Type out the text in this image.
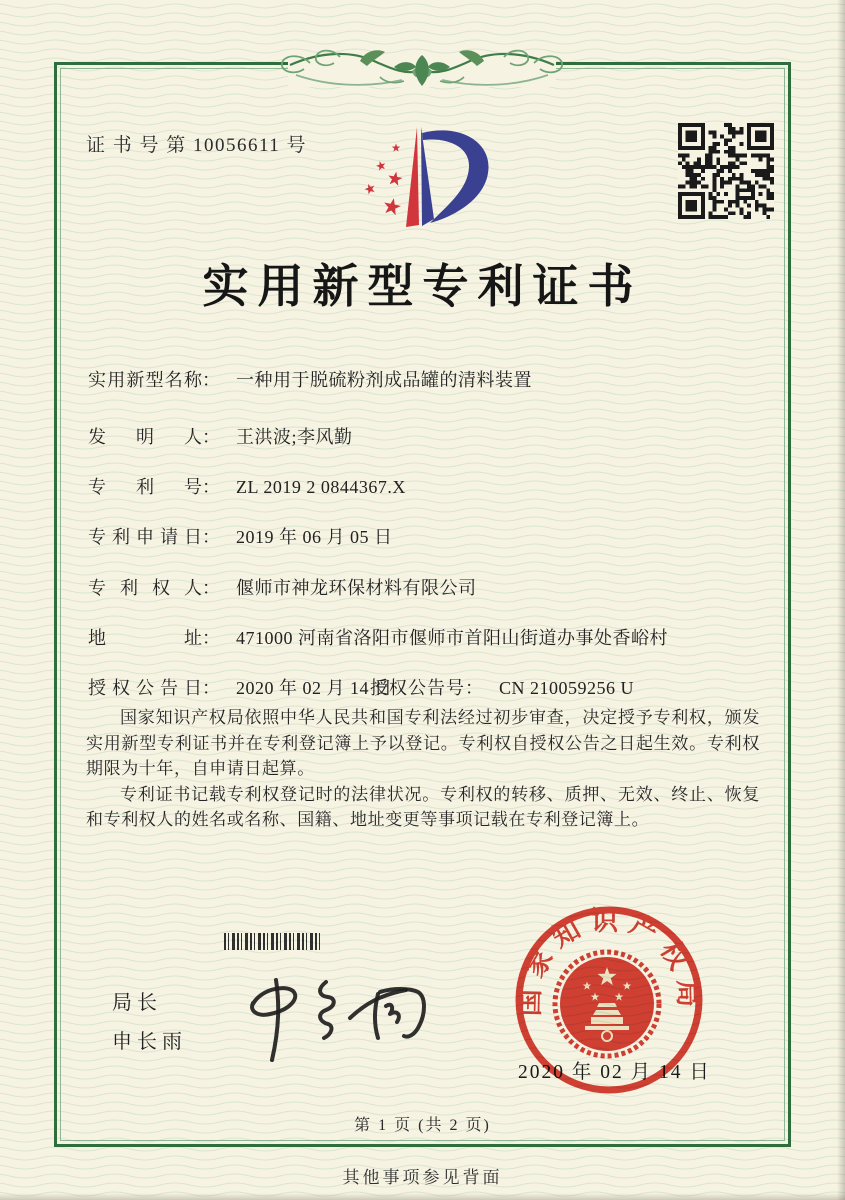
证 书 号 第 10056611 号
实用新型专利证书
实用新型名称： 一种用于脱硫粉剂成品罐的清料装置
发明人： 王洪波;李风勤
专利号： ZL 2019 2 0844367.X
专利申请日： 2019 年 06 月 05 日
专利权人： 偃师市神龙环保材料有限公司
地址： 471000 河南省洛阳市偃师市首阳山街道办事处香峪村
授权公告日： 2020 年 02 月 14 日
授权公告号： CN 210059256 U

国家知识产权局依照中华人民共和国专利法经过初步审查，决定授予专利权，颁发实用新型专利证书并在专利登记簿上予以登记。专利权自授权公告之日起生效。专利权期限为十年，自申请日起算。

专利证书记载专利权登记时的法律状况。专利权的转移、质押、无效、终止、恢复和专利权人的姓名或名称、国籍、地址变更等事项记载在专利登记簿上。

局长
申长雨
国家知识产权局
2020 年 02 月 14 日
第 1 页 (共 2 页)
其他事项参见背面
